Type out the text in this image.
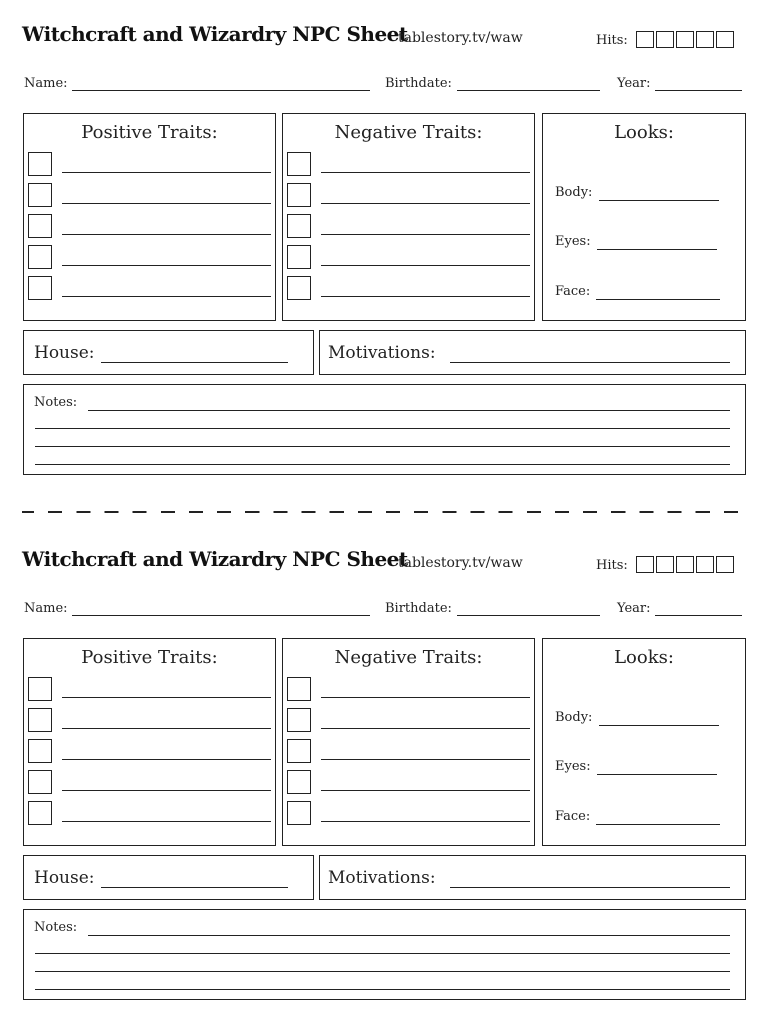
Witchcraft and Wizardry NPC Sheet
tablestory.tv/waw	Hits:
Name:	Birthdate:	Year:
Positive Traits:	Negative Traits:	Looks:
Body:
Eyes:
Face:
House:	Motivations:
Notes:
Witchcraft and Wizardry NPC Sheet
tablestory.tv/waw	Hits:
Name:	Birthdate:	Year:
Positive Traits:	Negative Traits:	Looks:
Body:
Eyes:
Face:
House:	Motivations:
Notes:
